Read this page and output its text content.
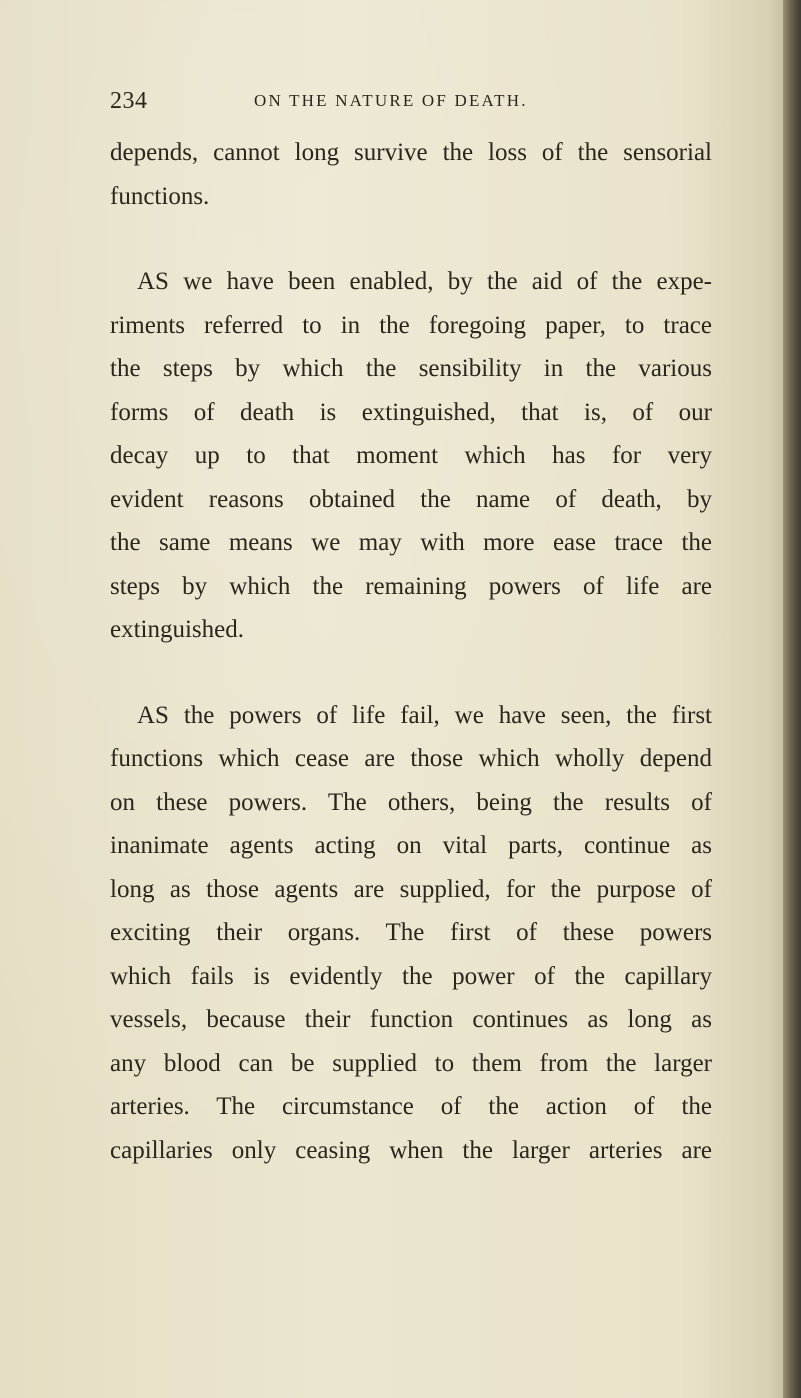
234	ON THE NATURE OF DEATH.
depends, cannot long survive the loss of the sensorial
functions.
AS we have been enabled, by the aid of the expe-
riments referred to in the foregoing paper, to trace
the steps by which the sensibility in the various
forms of death is extinguished, that is, of our
decay up to that moment which has for very
evident reasons obtained the name of death, by
the same means we may with more ease trace the
steps by which the remaining powers of life are
extinguished.
AS the powers of life fail, we have seen, the first
functions which cease are those which wholly depend
on these powers. The others, being the results of
inanimate agents acting on vital parts, continue as
long as those agents are supplied, for the purpose of
exciting their organs. The first of these powers
which fails is evidently the power of the capillary
vessels, because their function continues as long as
any blood can be supplied to them from the larger
arteries. The circumstance of the action of the
capillaries only ceasing when the larger arteries are
